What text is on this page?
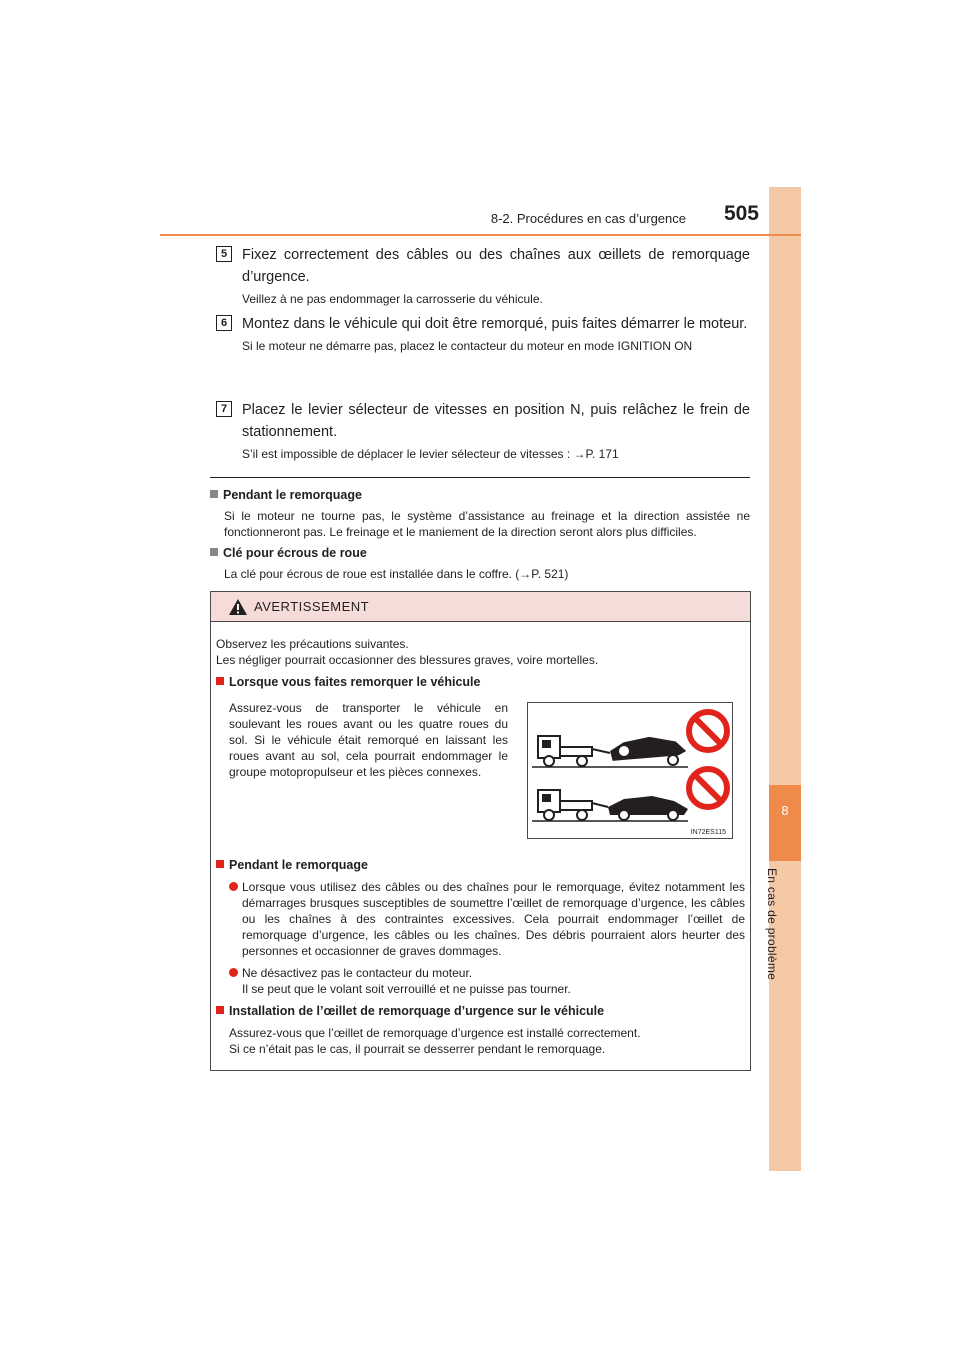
8
En cas de problème
8-2. Procédures en cas d’urgence 505
5	Fixez correctement des câbles ou des chaînes aux œillets de remorquage d’urgence.
Veillez à ne pas endommager la carrosserie du véhicule.
6	Montez dans le véhicule qui doit être remorqué, puis faites démarrer le moteur.
Si le moteur ne démarre pas, placez le contacteur du moteur en mode IGNITION ON
7	Placez le levier sélecteur de vitesses en position N, puis relâchez le frein de stationnement.
S’il est impossible de déplacer le levier sélecteur de vitesses : →P. 171
Pendant le remorquage
Si le moteur ne tourne pas, le système d’assistance au freinage et la direction assistée ne fonctionneront pas. Le freinage et le maniement de la direction seront alors plus difficiles.
Clé pour écrous de roue
La clé pour écrous de roue est installée dans le coffre. (→P. 521)
AVERTISSEMENT
Observez les précautions suivantes.
Les négliger pourrait occasionner des blessures graves, voire mortelles.
Lorsque vous faites remorquer le véhicule
Assurez-vous de transporter le véhicule en soulevant les roues avant ou les quatre roues du sol. Si le véhicule était remorqué en laissant les roues avant au sol, cela pourrait endommager le groupe motopropulseur et les pièces connexes.
IN72ES115
Pendant le remorquage
Lorsque vous utilisez des câbles ou des chaînes pour le remorquage, évitez notamment les démarrages brusques susceptibles de soumettre l’œillet de remorquage d’urgence, les câbles ou les chaînes à des contraintes excessives. Cela pourrait endommager l’œillet de remorquage d’urgence, les câbles ou les chaînes. Des débris pourraient alors heurter des personnes et occasionner de graves dommages.
Ne désactivez pas le contacteur du moteur.
Il se peut que le volant soit verrouillé et ne puisse pas tourner.
Installation de l’œillet de remorquage d’urgence sur le véhicule
Assurez-vous que l’œillet de remorquage d’urgence est installé correctement.
Si ce n’était pas le cas, il pourrait se desserrer pendant le remorquage.
